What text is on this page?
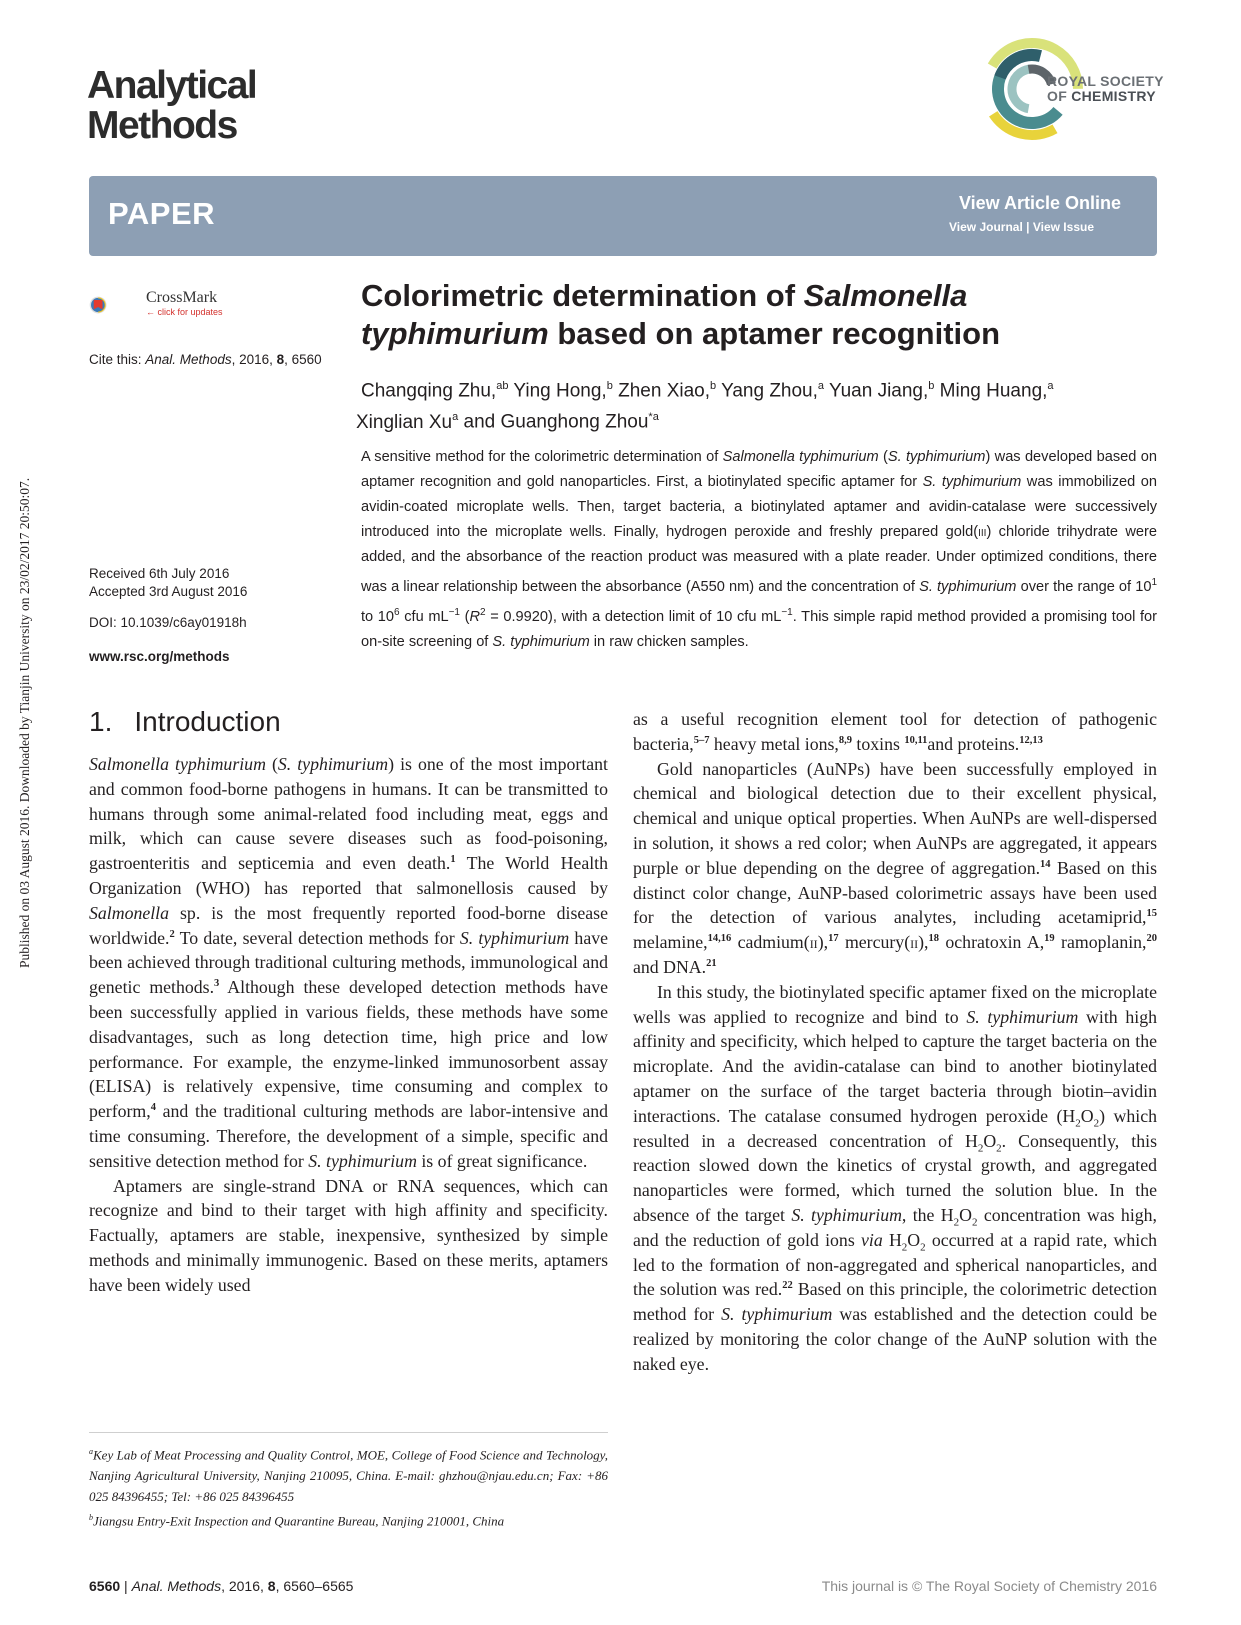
Published on 03 August 2016. Downloaded by Tianjin University on 23/02/2017 20:50:07.
Analytical
Methods
ROYAL SOCIETY
OF CHEMISTRY
PAPER	View Article Online
View Journal | View Issue
CrossMark
← click for updates
Cite this: Anal. Methods, 2016, 8, 6560
Received 6th July 2016
Accepted 3rd August 2016
DOI: 10.1039/c6ay01918h
www.rsc.org/methods
Colorimetric determination of Salmonella
typhimurium based on aptamer recognition
Changqing Zhu,$^{ab}$ Ying Hong,$^b$ Zhen Xiao,$^b$ Yang Zhou,$^a$ Yuan Jiang,$^b$ Ming Huang,$^a$
Xinglian Xu$^a$ and Guanghong Zhou$^{*a}$
A sensitive method for the colorimetric determination of Salmonella typhimurium (S. typhimurium) was developed based on aptamer recognition and gold nanoparticles. First, a biotinylated specific aptamer for S. typhimurium was immobilized on avidin-coated microplate wells. Then, target bacteria, a biotinylated aptamer and avidin-catalase were successively introduced into the microplate wells. Finally, hydrogen peroxide and freshly prepared gold(iii) chloride trihydrate were added, and the absorbance of the reaction product was measured with a plate reader. Under optimized conditions, there was a linear relationship between the absorbance (A550 nm) and the concentration of S. typhimurium over the range of $10^1$ to $10^6$ cfu $mL^{-1}$ $(R^2 = 0.9920)$, with a detection limit of 10 cfu $mL^{-1}$. This simple rapid method provided a promising tool for on-site screening of S. typhimurium in raw chicken samples.
1. Introduction

Salmonella typhimurium (S. typhimurium) is one of the most important and common food-borne pathogens in humans. It can be transmitted to humans through some animal-related food including meat, eggs and milk, which can cause severe diseases such as food-poisoning, gastroenteritis and septicemia and even death.$^1$ The World Health Organization (WHO) has reported that salmonellosis caused by Salmonella sp. is the most frequently reported food-borne disease worldwide.$^2$ To date, several detection methods for S. typhimurium have been achieved through traditional culturing methods, immunological and genetic methods.$^3$ Although these developed detection methods have been successfully applied in various fields, these methods have some disadvantages, such as long detection time, high price and low performance. For example, the enzyme-linked immunosorbent assay (ELISA) is relatively expensive, time consuming and complex to perform,$^4$ and the traditional culturing methods are labor-intensive and time consuming. Therefore, the development of a simple, specific and sensitive detection method for S. typhimurium is of great significance.

Aptamers are single-strand DNA or RNA sequences, which can recognize and bind to their target with high affinity and specificity. Factually, aptamers are stable, inexpensive, synthesized by simple methods and minimally immunogenic. Based on these merits, aptamers have been widely used

as a useful recognition element tool for detection of pathogenic bacteria,$^{5-7}$ heavy metal ions,$^{8,9}$ toxins $^{10,11}$and proteins.$^{12,13}$

Gold nanoparticles (AuNPs) have been successfully employed in chemical and biological detection due to their excellent physical, chemical and unique optical properties. When AuNPs are well-dispersed in solution, it shows a red color; when AuNPs are aggregated, it appears purple or blue depending on the degree of aggregation.$^{14}$ Based on this distinct color change, AuNP-based colorimetric assays have been used for the detection of various analytes, including acetamiprid,$^{15}$ melamine,$^{14,16}$ cadmium(ii),$^{17}$ mercury(ii),$^{18}$ ochratoxin A,$^{19}$ ramoplanin,$^{20}$ and DNA.$^{21}$

In this study, the biotinylated specific aptamer fixed on the microplate wells was applied to recognize and bind to S. typhimurium with high affinity and specificity, which helped to capture the target bacteria on the microplate. And the avidin-catalase can bind to another biotinylated aptamer on the surface of the target bacteria through biotin–avidin interactions. The catalase consumed hydrogen peroxide $(H_2O_2)$ which resulted in a decreased concentration of $H_2O_2$. Consequently, this reaction slowed down the kinetics of crystal growth, and aggregated nanoparticles were formed, which turned the solution blue. In the absence of the target S. typhimurium, the $H_2O_2$ concentration was high, and the reduction of gold ions via $H_2O_2$ occurred at a rapid rate, which led to the formation of non-aggregated and spherical nanoparticles, and the solution was red.$^{22}$ Based on this principle, the colorimetric detection method for S. typhimurium was established and the detection could be realized by monitoring the color change of the AuNP solution with the naked eye.

$^a$Key Lab of Meat Processing and Quality Control, MOE, College of Food Science and Technology, Nanjing Agricultural University, Nanjing 210095, China. E-mail: ghzhou@njau.edu.cn; Fax: +86 025 84396455; Tel: +86 025 84396455

$^b$Jiangsu Entry-Exit Inspection and Quarantine Bureau, Nanjing 210001, China

6560 | Anal. Methods, 2016, 8, 6560–6565	This journal is © The Royal Society of Chemistry 2016
